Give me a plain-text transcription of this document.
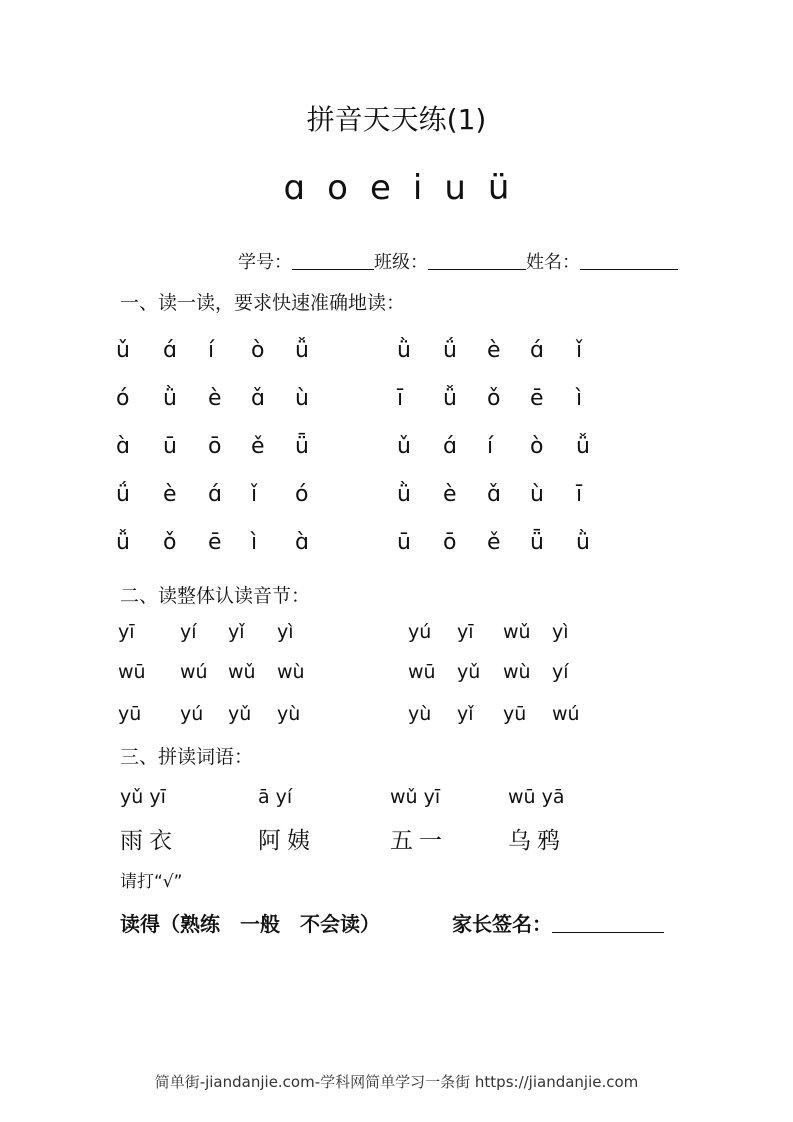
拼音天天练(1)
ɑ o e i u ü
学号：	班级：	姓名：
一、读一读，要求快速准确地读：
ǔ ɑ́ í ò ǚ	ǜ ǘ è ɑ́ ǐ
ó ǜ è ɑ̌ ù	ī ǚ ǒ ē ì
ɑ̀ ū ō ě ǖ	ǔ ɑ́ í ò ǚ
ǘ è ɑ́ ǐ ó	ǜ è ɑ̌ ù ī
ǚ ǒ ē ì ɑ̀	ū ō ě ǖ ǜ
二、读整体认读音节：
yī yí yǐ yì	yú yī wǔ yì
wū wú wǔ wù	wū yǔ wù yí
yū yú yǔ yù	yù yǐ yū wú
三、拼读词语：
yǔ yī
雨衣
ā yí
阿姨
wǔ yī
五一
wū yā
乌鸦
请打“√”
读得（熟练　一般　不会读）	家长签名：
简单街-jiandanjie.com-学科网简单学习一条街 https://jiandanjie.com
